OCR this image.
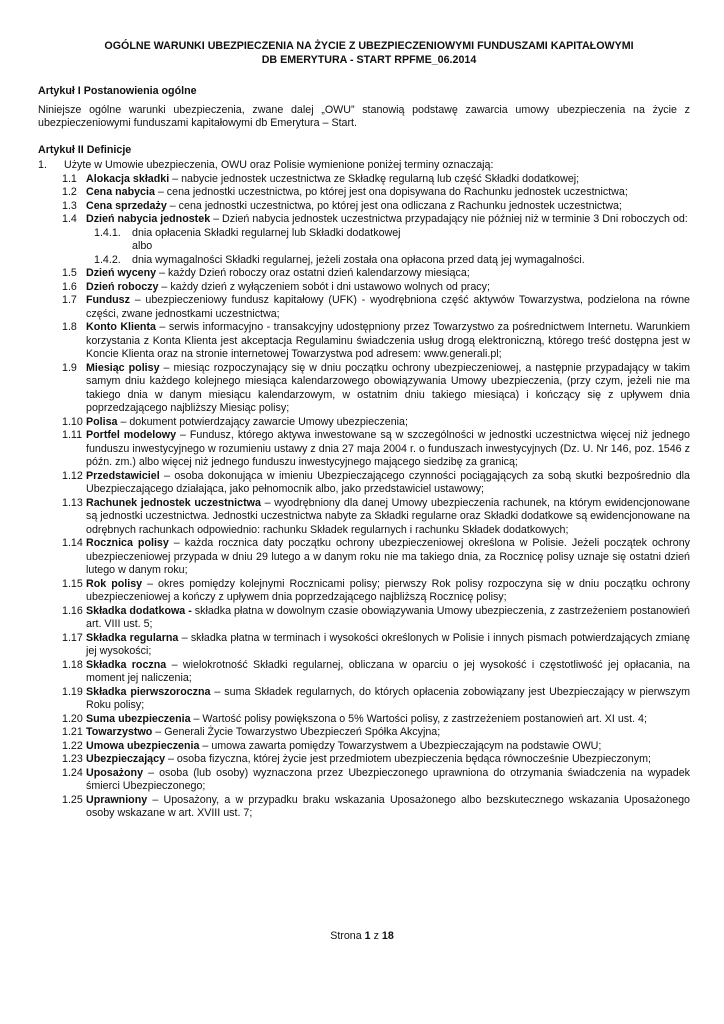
OGÓLNE WARUNKI UBEZPIECZENIA NA ŻYCIE Z UBEZPIECZENIOWYMI FUNDUSZAMI KAPITAŁOWYMI
DB EMERYTURA - START RPFME_06.2014
Artykuł I Postanowienia ogólne
Niniejsze ogólne warunki ubezpieczenia, zwane dalej „OWU” stanowią podstawę zawarcia umowy ubezpieczenia na życie z ubezpieczeniowymi funduszami kapitałowymi db Emerytura – Start.
Artykuł II Definicje
1.	Użyte w Umowie ubezpieczenia, OWU oraz Polisie wymienione poniżej terminy oznaczają:
1.1 Alokacja składki – nabycie jednostek uczestnictwa ze Składkę regularną lub część Składki dodatkowej;
1.2 Cena nabycia – cena jednostki uczestnictwa, po której jest ona dopisywana do Rachunku jednostek uczestnictwa;
1.3 Cena sprzedaży – cena jednostki uczestnictwa, po której jest ona odliczana z Rachunku jednostek uczestnictwa;
1.4 Dzień nabycia jednostek – Dzień nabycia jednostek uczestnictwa przypadający nie później niż w terminie 3 Dni roboczych od:
1.4.1.	dnia opłacenia Składki regularnej lub Składki dodatkowej
albo
1.4.2.	dnia wymagalności Składki regularnej, jeżeli została ona opłacona przed datą jej wymagalności.
1.5 Dzień wyceny – każdy Dzień roboczy oraz ostatni dzień kalendarzowy miesiąca;
1.6 Dzień roboczy – każdy dzień z wyłączeniem sobót i dni ustawowo wolnych od pracy;
1.7 Fundusz – ubezpieczeniowy fundusz kapitałowy (UFK) - wyodrębniona część aktywów Towarzystwa, podzielona na równe części, zwane jednostkami uczestnictwa;
1.8 Konto Klienta – serwis informacyjno - transakcyjny udostępniony przez Towarzystwo za pośrednictwem Internetu. Warunkiem korzystania z Konta Klienta jest akceptacja Regulaminu świadczenia usług drogą elektroniczną, którego treść dostępna jest w Koncie Klienta oraz na stronie internetowej Towarzystwa pod adresem: www.generali.pl;
1.9 Miesiąc polisy – miesiąc rozpoczynający się w dniu początku ochrony ubezpieczeniowej, a następnie przypadający w takim samym dniu każdego kolejnego miesiąca kalendarzowego obowiązywania Umowy ubezpieczenia, (przy czym, jeżeli nie ma takiego dnia w danym miesiącu kalendarzowym, w ostatnim dniu takiego miesiąca) i kończący się z upływem dnia poprzedzającego najbliższy Miesiąc polisy;
1.10 Polisa – dokument potwierdzający zawarcie Umowy ubezpieczenia;
1.11 Portfel modelowy – Fundusz, którego aktywa inwestowane są w szczególności w jednostki uczestnictwa więcej niż jednego funduszu inwestycyjnego w rozumieniu ustawy z dnia 27 maja 2004 r. o funduszach inwestycyjnych (Dz. U. Nr 146, poz. 1546 z późn. zm.) albo więcej niż jednego funduszu inwestycyjnego mającego siedzibę za granicą;
1.12 Przedstawiciel – osoba dokonująca w imieniu Ubezpieczającego czynności pociągających za sobą skutki bezpośrednio dla Ubezpieczającego działająca, jako pełnomocnik albo, jako przedstawiciel ustawowy;
1.13 Rachunek jednostek uczestnictwa – wyodrębniony dla danej Umowy ubezpieczenia rachunek, na którym ewidencjonowane są jednostki uczestnictwa. Jednostki uczestnictwa nabyte za Składki regularne oraz Składki dodatkowe są ewidencjonowane na odrębnych rachunkach odpowiednio: rachunku Składek regularnych i rachunku Składek dodatkowych;
1.14 Rocznica polisy – każda rocznica daty początku ochrony ubezpieczeniowej określona w Polisie. Jeżeli początek ochrony ubezpieczeniowej przypada w dniu 29 lutego a w danym roku nie ma takiego dnia, za Rocznicę polisy uznaje się ostatni dzień lutego w danym roku;
1.15 Rok polisy – okres pomiędzy kolejnymi Rocznicami polisy; pierwszy Rok polisy rozpoczyna się w dniu początku ochrony ubezpieczeniowej a kończy z upływem dnia poprzedzającego najbliższą Rocznicę polisy;
1.16 Składka dodatkowa - składka płatna w dowolnym czasie obowiązywania Umowy ubezpieczenia, z zastrzeżeniem postanowień art. VIII ust. 5;
1.17 Składka regularna – składka płatna w terminach i wysokości określonych w Polisie i innych pismach potwierdzających zmianę jej wysokości;
1.18 Składka roczna – wielokrotność Składki regularnej, obliczana w oparciu o jej wysokość i częstotliwość jej opłacania, na moment jej naliczenia;
1.19 Składka pierwszoroczna – suma Składek regularnych, do których opłacenia zobowiązany jest Ubezpieczający w pierwszym Roku polisy;
1.20 Suma ubezpieczenia – Wartość polisy powiększona o 5% Wartości polisy, z zastrzeżeniem postanowień art. XI ust. 4;
1.21 Towarzystwo – Generali Życie Towarzystwo Ubezpieczeń Spółka Akcyjna;
1.22 Umowa ubezpieczenia – umowa zawarta pomiędzy Towarzystwem a Ubezpieczającym na podstawie OWU;
1.23 Ubezpieczający – osoba fizyczna, której życie jest przedmiotem ubezpieczenia będąca równocześnie Ubezpieczonym;
1.24 Uposażony – osoba (lub osoby) wyznaczona przez Ubezpieczonego uprawniona do otrzymania świadczenia na wypadek śmierci Ubezpieczonego;
1.25 Uprawniony – Uposażony, a w przypadku braku wskazania Uposażonego albo bezskutecznego wskazania Uposażonego osoby wskazane w art. XVIII ust. 7;
Strona 1 z 18
